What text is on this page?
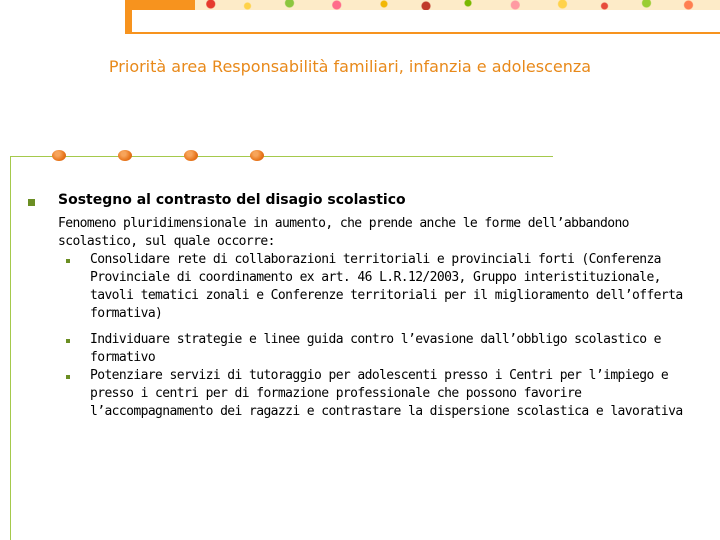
Priorità area Responsabilità familiari, infanzia e adolescenza
Sostegno al contrasto del disagio scolastico
Fenomeno pluridimensionale in aumento, che prende anche le forme dell’abbandono scolastico, sul quale occorre:
Consolidare rete di collaborazioni territoriali e provinciali forti (Conferenza Provinciale di coordinamento ex art. 46 L.R.12/2003, Gruppo interistituzionale, tavoli tematici zonali e Conferenze territoriali per il miglioramento dell’offerta formativa)
Individuare strategie e linee guida contro l’evasione dall’obbligo scolastico e formativo
Potenziare servizi di tutoraggio per adolescenti presso i Centri per l’impiego e presso i centri per di formazione professionale che possono favorire l’accompagnamento dei ragazzi e contrastare la dispersione scolastica e lavorativa
